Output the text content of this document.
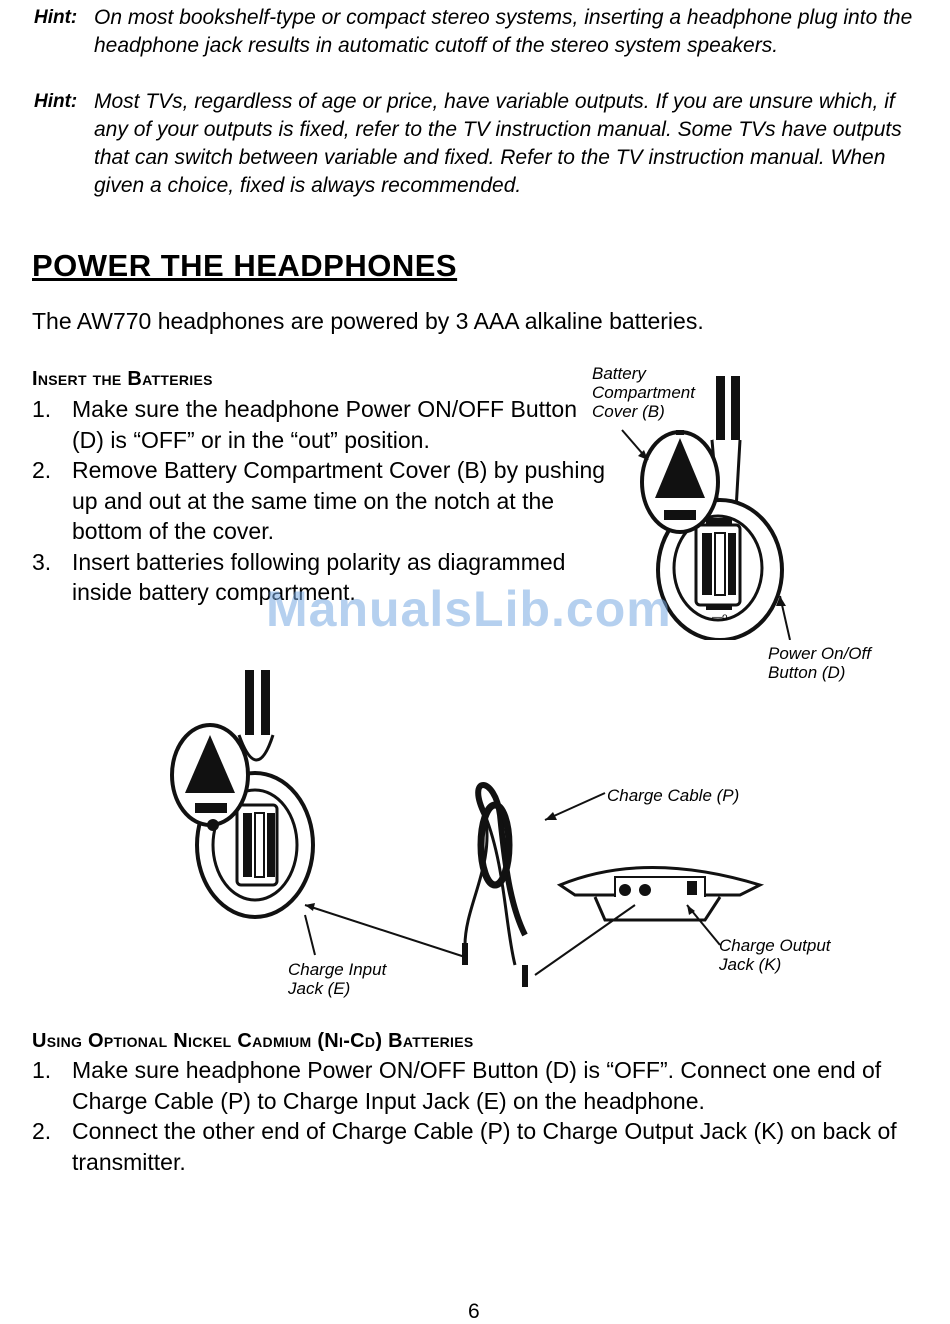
Hint: On most bookshelf-type or compact stereo systems, inserting a headphone plug into the headphone jack results in automatic cutoff of the stereo system speakers.
Hint: Most TVs, regardless of age or price, have variable outputs. If you are unsure which, if any of your outputs is fixed, refer to the TV instruction manual. Some TVs have outputs that can switch between variable and fixed. Refer to the TV instruction manual. When given a choice, fixed is always recommended.
POWER THE HEADPHONES
The AW770 headphones are powered by 3 AAA alkaline batteries.
Insert the Batteries
1. Make sure the headphone Power ON/OFF Button (D) is “OFF” or in the “out” position.
2. Remove Battery Compartment Cover (B) by pushing up and out at the same time on the notch at the bottom of the cover.
3. Insert batteries following polarity as diagrammed inside battery compartment.
—o
Battery Compartment Cover (B)
Power On/Off Button (D)
ManualsLib.com
Charge Cable (P)
Charge Input Jack (E)
Charge Output Jack (K)
Using Optional Nickel Cadmium (Ni-Cd) Batteries
1. Make sure headphone Power ON/OFF Button (D) is “OFF”. Connect one end of Charge Cable (P) to Charge Input Jack (E) on the headphone.
2. Connect the other end of Charge Cable (P) to Charge Output Jack (K) on back of transmitter.
6
